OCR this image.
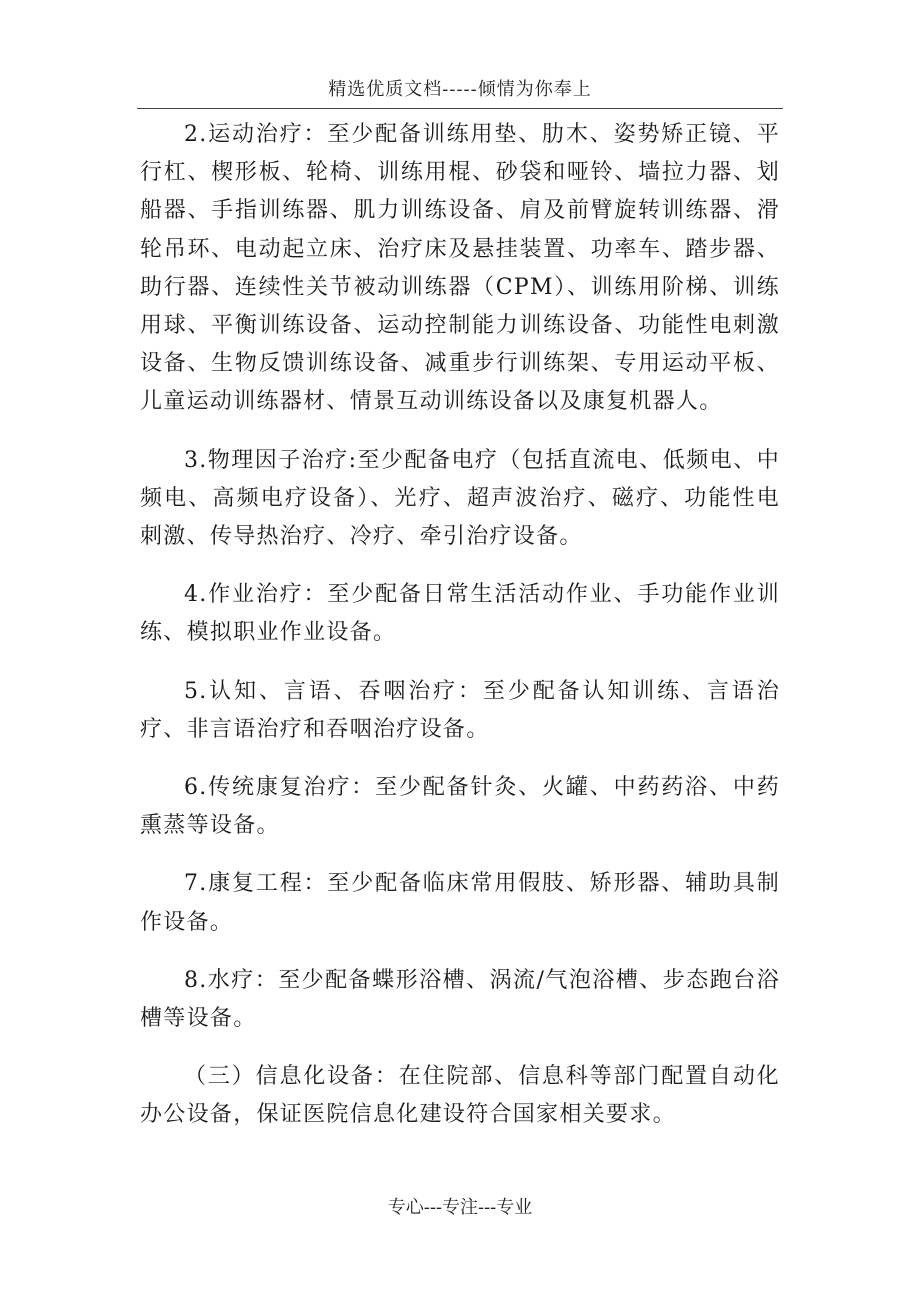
精选优质文档-----倾情为你奉上

2.运动治疗：至少配备训练用垫、肋木、姿势矫正镜、平行杠、楔形板、轮椅、训练用棍、砂袋和哑铃、墙拉力器、划船器、手指训练器、肌力训练设备、肩及前臂旋转训练器、滑轮吊环、电动起立床、治疗床及悬挂装置、功率车、踏步器、助行器、连续性关节被动训练器（CPM）、训练用阶梯、训练用球、平衡训练设备、运动控制能力训练设备、功能性电刺激设备、生物反馈训练设备、减重步行训练架、专用运动平板、儿童运动训练器材、情景互动训练设备以及康复机器人。

3.物理因子治疗:至少配备电疗（包括直流电、低频电、中频电、高频电疗设备）、光疗、超声波治疗、磁疗、功能性电刺激、传导热治疗、冷疗、牵引治疗设备。

4.作业治疗：至少配备日常生活活动作业、手功能作业训练、模拟职业作业设备。

5.认知、言语、吞咽治疗：至少配备认知训练、言语治疗、非言语治疗和吞咽治疗设备。

6.传统康复治疗：至少配备针灸、火罐、中药药浴、中药熏蒸等设备。

7.康复工程：至少配备临床常用假肢、矫形器、辅助具制作设备。

8.水疗：至少配备蝶形浴槽、涡流/气泡浴槽、步态跑台浴槽等设备。

（三）信息化设备：在住院部、信息科等部门配置自动化办公设备，保证医院信息化建设符合国家相关要求。

专心---专注---专业
